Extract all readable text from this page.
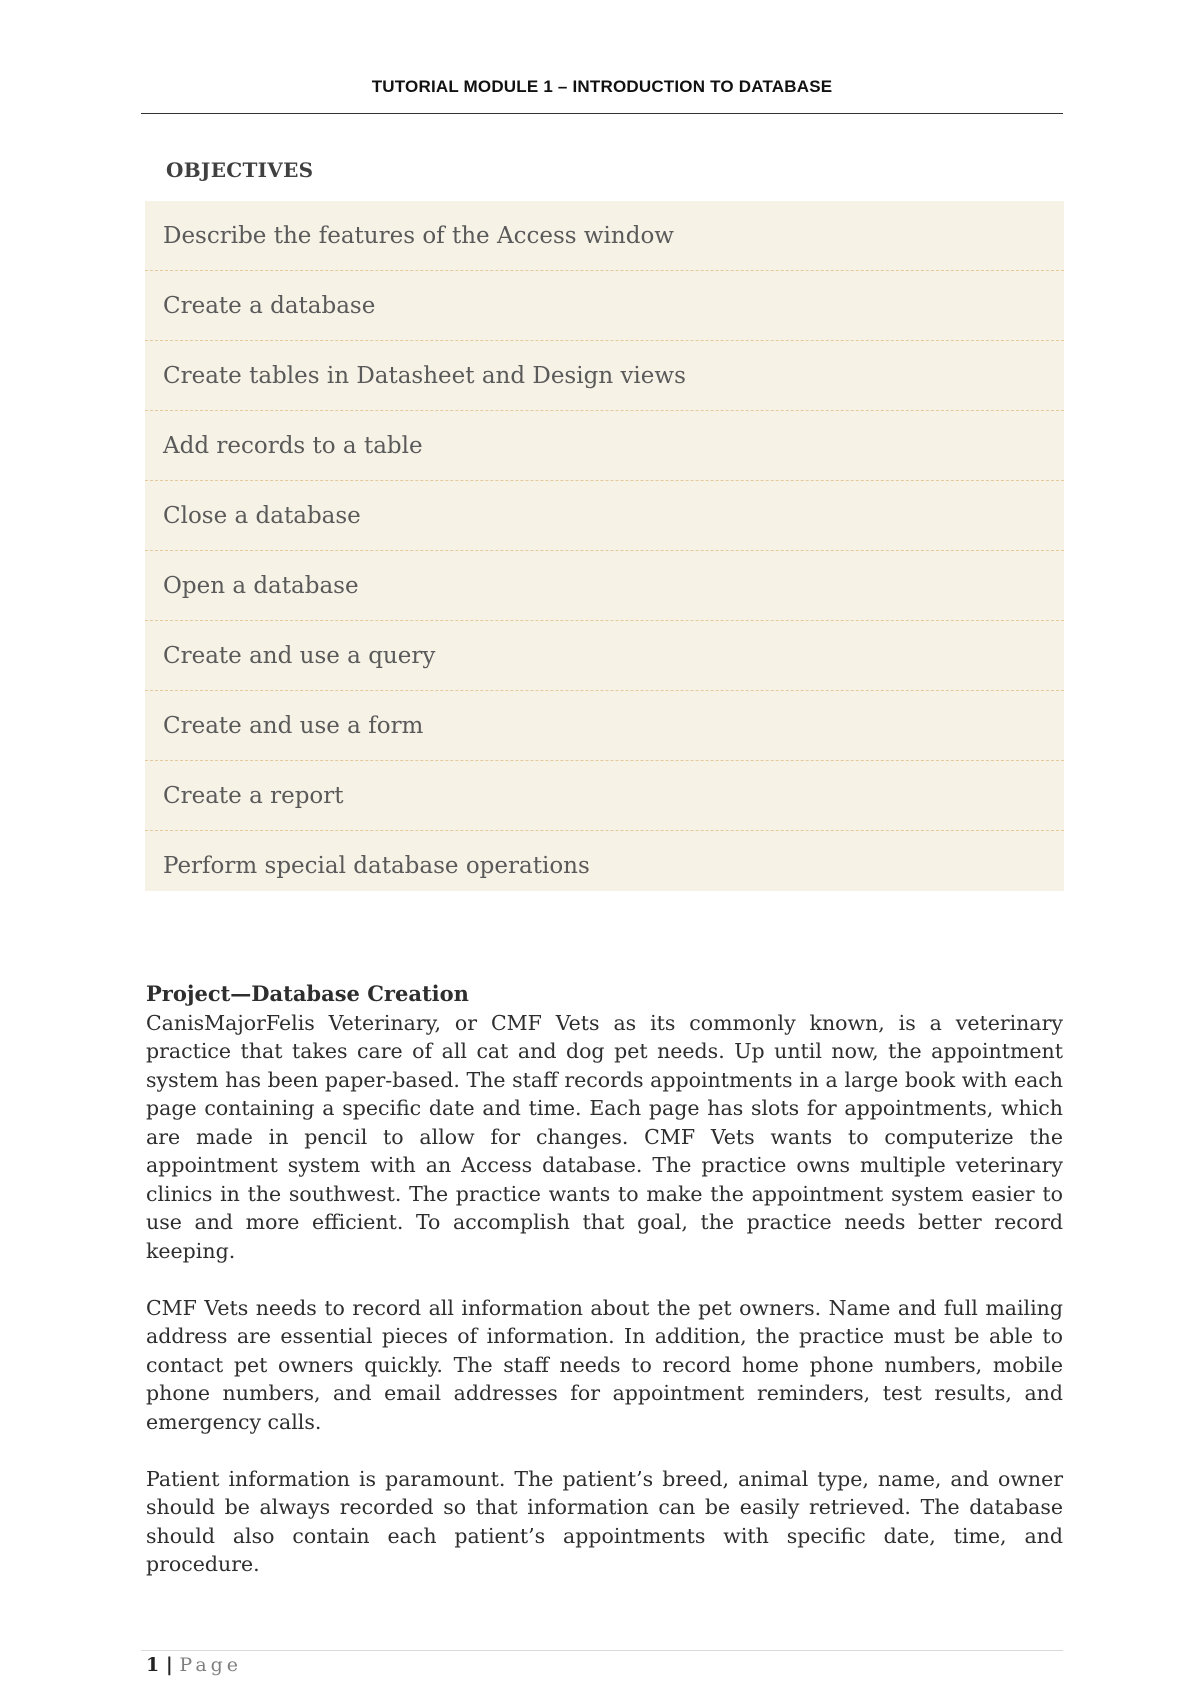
TUTORIAL MODULE 1 – INTRODUCTION TO DATABASE
OBJECTIVES
Describe the features of the Access window
Create a database
Create tables in Datasheet and Design views
Add records to a table
Close a database
Open a database
Create and use a query
Create and use a form
Create a report
Perform special database operations
Project—Database Creation

CanisMajorFelis Veterinary, or CMF Vets as its commonly known, is a veterinary practice that takes care of all cat and dog pet needs. Up until now, the appointment system has been paper-based. The staff records appointments in a large book with each page containing a specific date and time. Each page has slots for appointments, which are made in pencil to allow for changes. CMF Vets wants to computerize the appointment system with an Access database. The practice owns multiple veterinary clinics in the southwest. The practice wants to make the appointment system easier to use and more efficient. To accomplish that goal, the practice needs better record keeping.

CMF Vets needs to record all information about the pet owners. Name and full mailing address are essential pieces of information. In addition, the practice must be able to contact pet owners quickly. The staff needs to record home phone numbers, mobile phone numbers, and email addresses for appointment reminders, test results, and emergency calls.

Patient information is paramount. The patient’s breed, animal type, name, and owner should be always recorded so that information can be easily retrieved. The database should also contain each patient’s appointments with specific date, time, and procedure.

1 | Page
